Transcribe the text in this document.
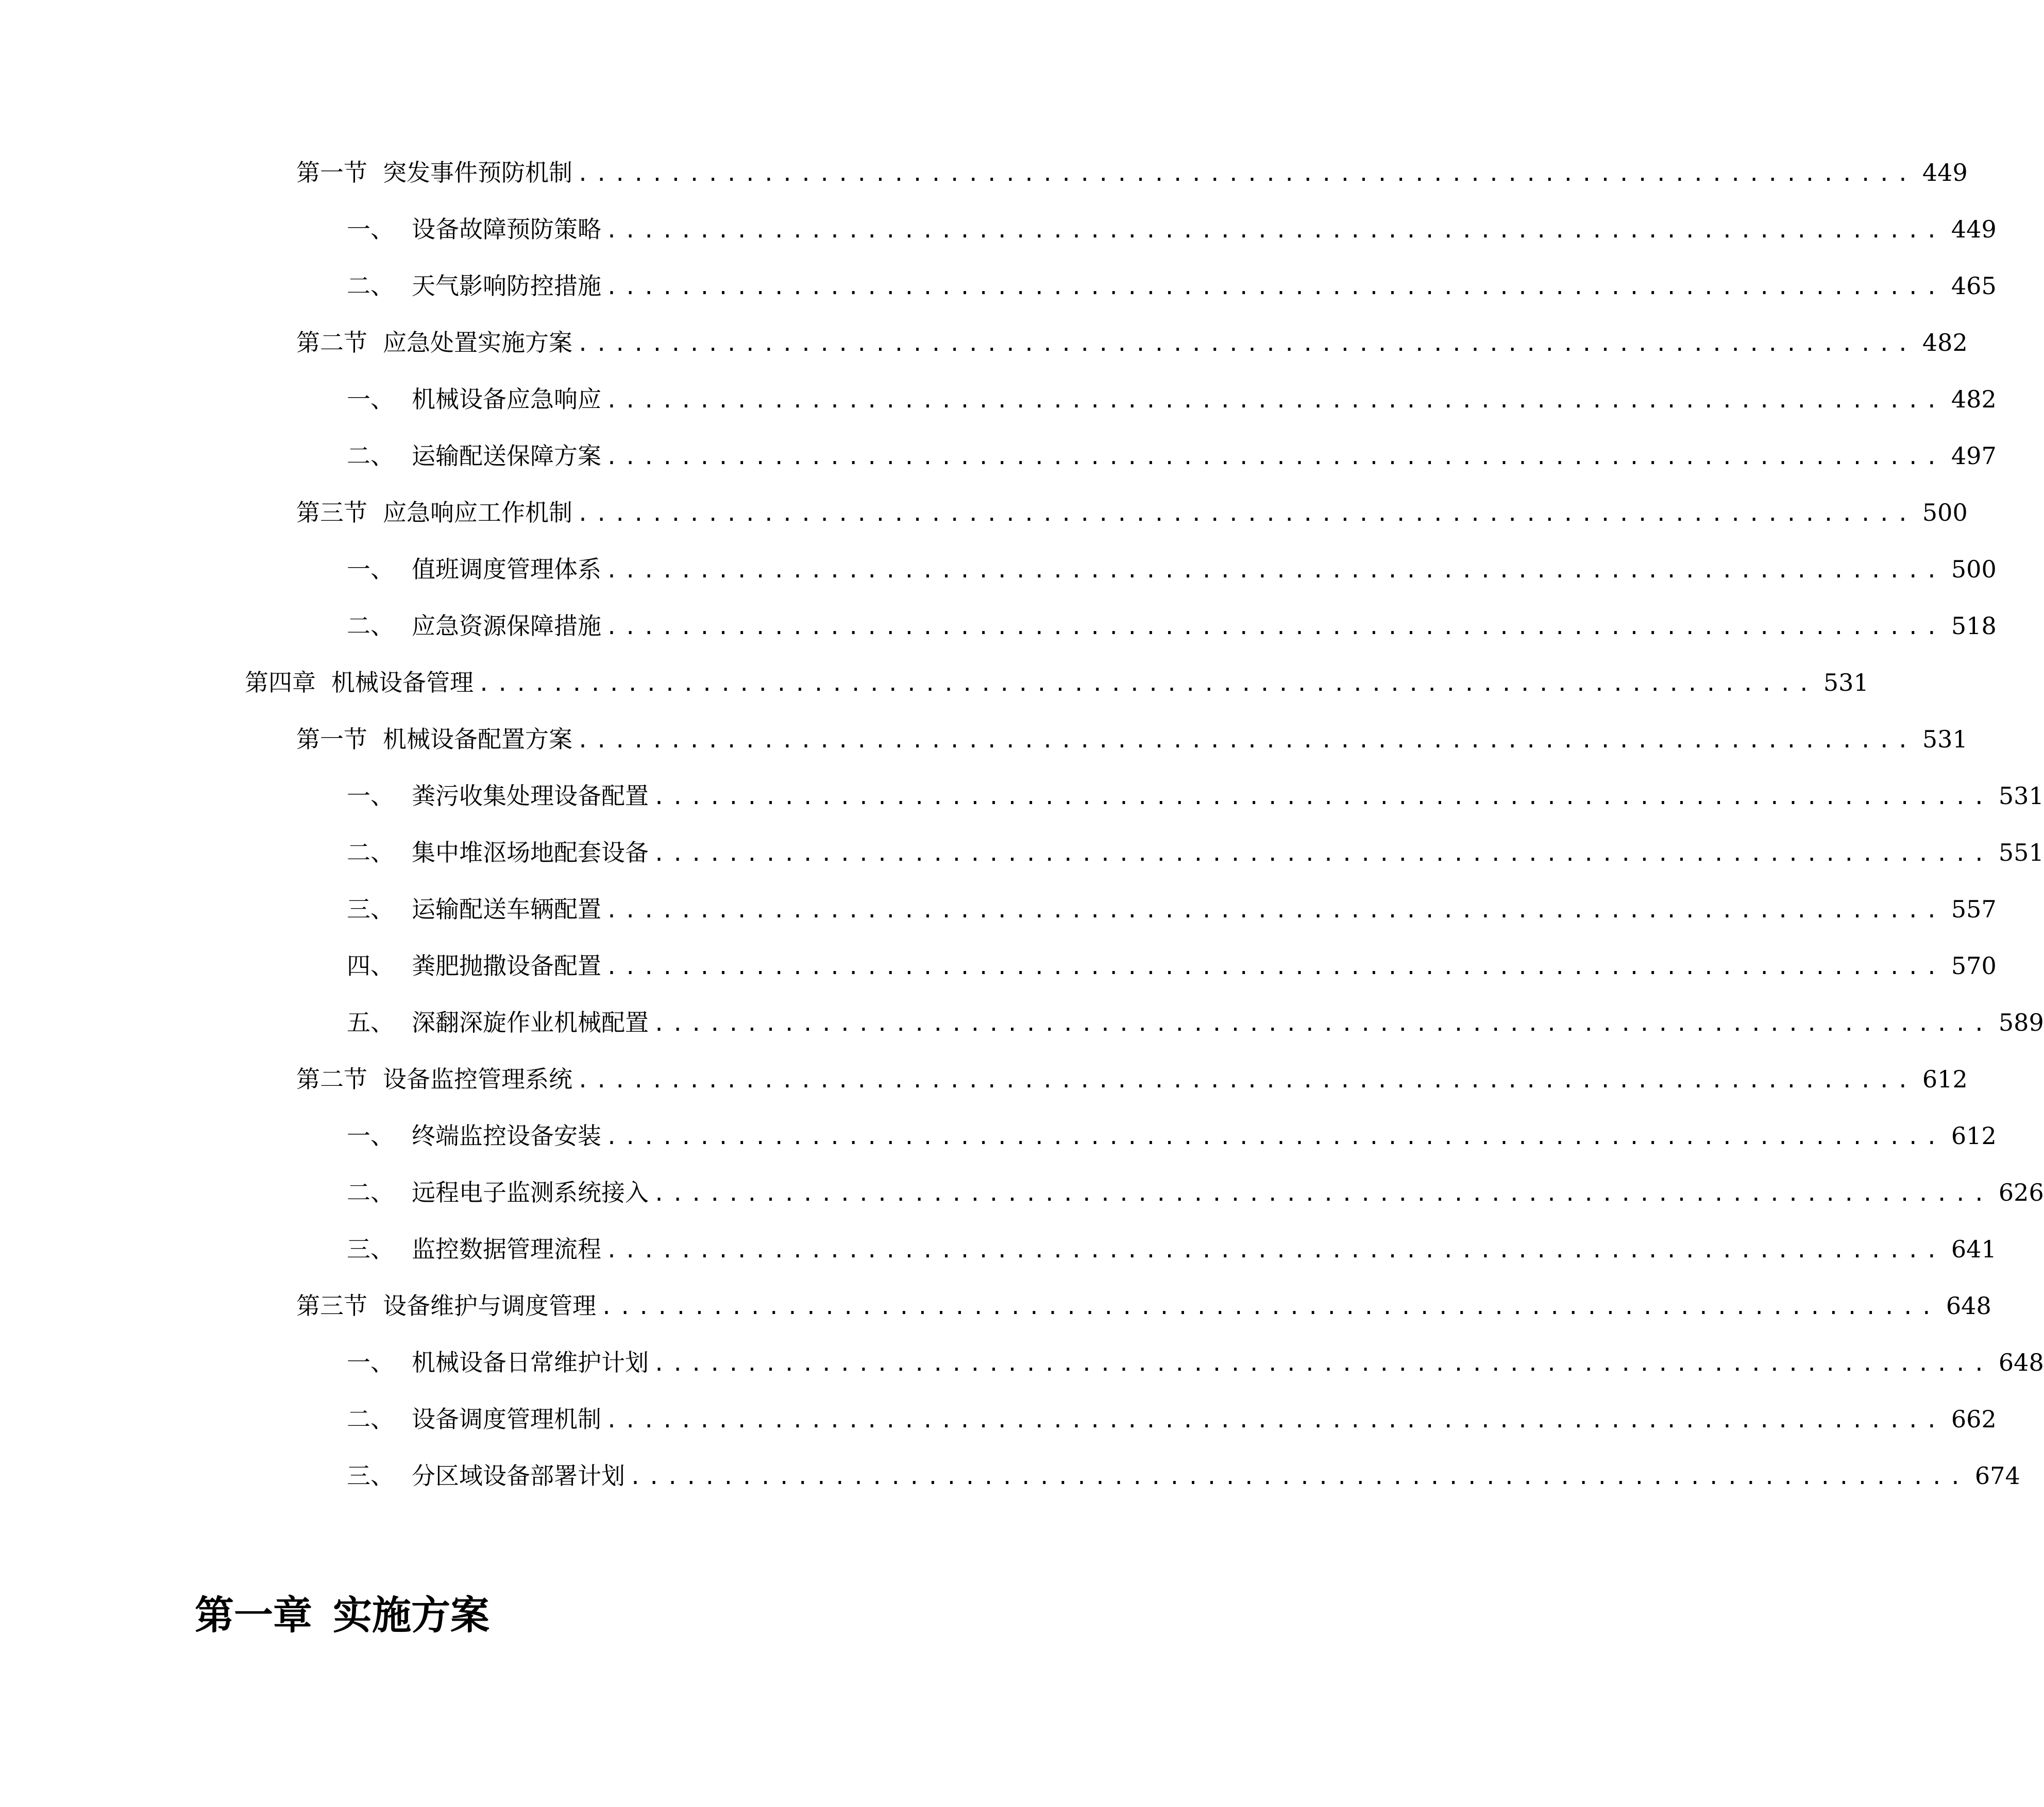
第一节 突发事件预防机制 ........................................................................ 449
一、 设备故障预防策略 ........................................................................ 449
二、 天气影响防控措施 ........................................................................ 465
第二节 应急处置实施方案 ........................................................................ 482
一、 机械设备应急响应 ........................................................................ 482
二、 运输配送保障方案 ........................................................................ 497
第三节 应急响应工作机制 ........................................................................ 500
一、 值班调度管理体系 ........................................................................ 500
二、 应急资源保障措施 ........................................................................ 518
第四章 机械设备管理 ........................................................................ 531
第一节 机械设备配置方案 ........................................................................ 531
一、 粪污收集处理设备配置 ........................................................................ 531
二、 集中堆沤场地配套设备 ........................................................................ 551
三、 运输配送车辆配置 ........................................................................ 557
四、 粪肥抛撒设备配置 ........................................................................ 570
五、 深翻深旋作业机械配置 ........................................................................ 589
第二节 设备监控管理系统 ........................................................................ 612
一、 终端监控设备安装 ........................................................................ 612
二、 远程电子监测系统接入 ........................................................................ 626
三、 监控数据管理流程 ........................................................................ 641
第三节 设备维护与调度管理 ........................................................................ 648
一、 机械设备日常维护计划 ........................................................................ 648
二、 设备调度管理机制 ........................................................................ 662
三、 分区域设备部署计划 ........................................................................ 674
第一章 实施方案
